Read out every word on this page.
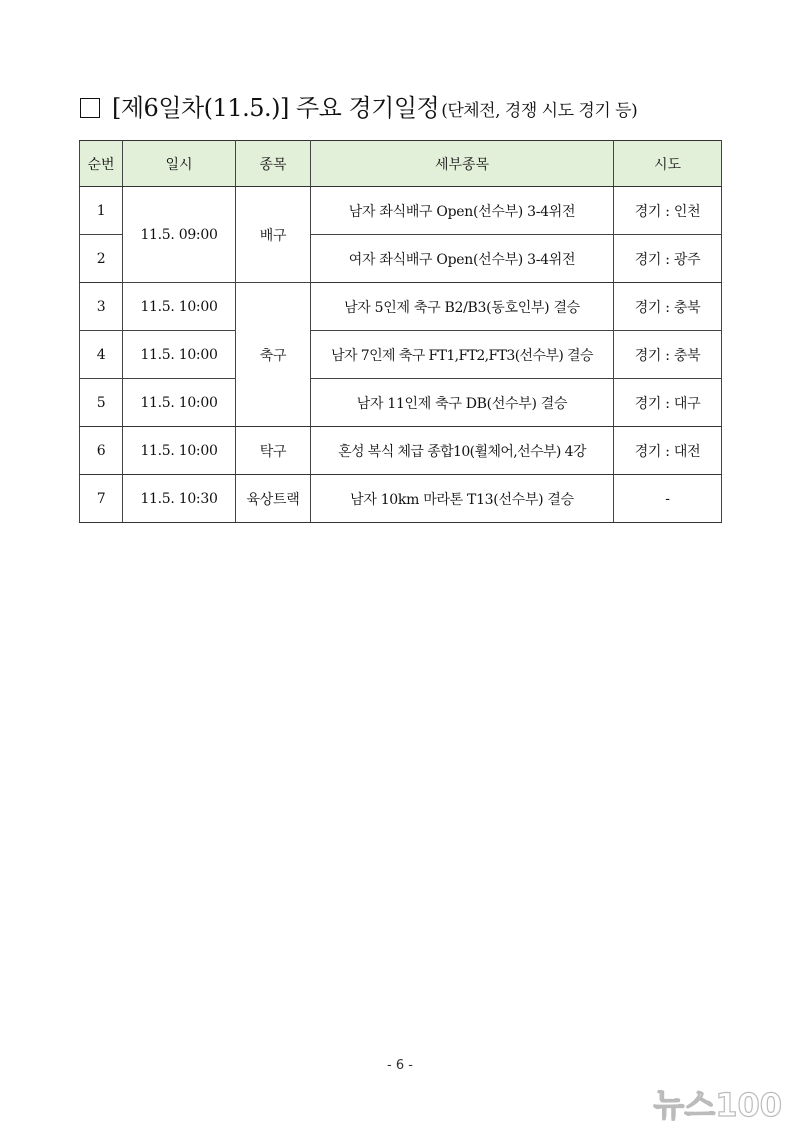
[제6일차(11.5.)] 주요 경기일정 (단체전, 경쟁 시도 경기 등)
순번	일시	종목	세부종목	시도
1	11.5. 09:00	배구	남자 좌식배구 Open(선수부) 3-4위전	경기 : 인천
2			여자 좌식배구 Open(선수부) 3-4위전	경기 : 광주
3	11.5. 10:00	축구	남자 5인제 축구 B2/B3(동호인부) 결승	경기 : 충북
4	11.5. 10:00		남자 7인제 축구 FT1,FT2,FT3(선수부) 결승	경기 : 충북
5	11.5. 10:00		남자 11인제 축구 DB(선수부) 결승	경기 : 대구
6	11.5. 10:00	탁구	혼성 복식 체급 종합10(휠체어,선수부) 4강	경기 : 대전
7	11.5. 10:30	육상트랙	남자 10km 마라톤 T13(선수부) 결승	-
- 6 -
뉴스100
